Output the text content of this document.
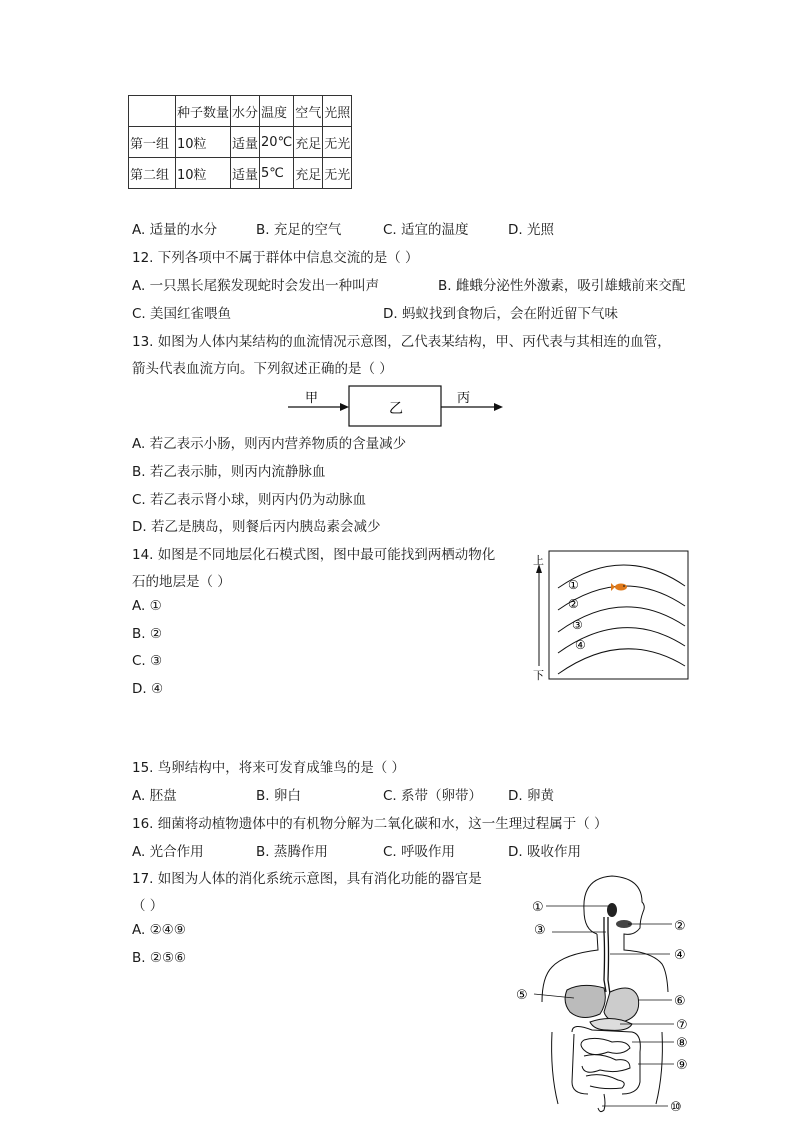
	种子数量	水分	温度	空气	光照
第一组	10粒	适量	20℃	充足	无光
第二组	10粒	适量	5℃	充足	无光
A. 适量的水分	B. 充足的空气	C. 适宜的温度	D. 光照
12. 下列各项中不属于群体中信息交流的是（ ）
A. 一只黑长尾猴发现蛇时会发出一种叫声	B. 雌蛾分泌性外激素，吸引雄蛾前来交配
C. 美国红雀喂鱼	D. 蚂蚁找到食物后，会在附近留下气味
13. 如图为人体内某结构的血流情况示意图，乙代表某结构，甲、丙代表与其相连的血管，
箭头代表血流方向。下列叙述正确的是（ ）
甲
乙
丙
A. 若乙表示小肠，则丙内营养物质的含量减少
B. 若乙表示肺，则丙内流静脉血
C. 若乙表示肾小球，则丙内仍为动脉血
D. 若乙是胰岛，则餐后丙内胰岛素会减少
14. 如图是不同地层化石模式图，图中最可能找到两栖动物化
石的地层是（ ）
A. ①
B. ②
C. ③
D. ④
上
下
①
②
③
④
15. 鸟卵结构中，将来可发育成雏鸟的是（ ）
A. 胚盘	B. 卵白	C. 系带（卵带） D. 卵黄
16. 细菌将动植物遗体中的有机物分解为二氧化碳和水，这一生理过程属于（ ）
A. 光合作用	B. 蒸腾作用	C. 呼吸作用	D. 吸收作用
17. 如图为人体的消化系统示意图，具有消化功能的器官是
（ ）
A. ②④⑨
B. ②⑤⑥
①
②
③
④
⑤	⑥
⑦
⑧
⑨
⑩
